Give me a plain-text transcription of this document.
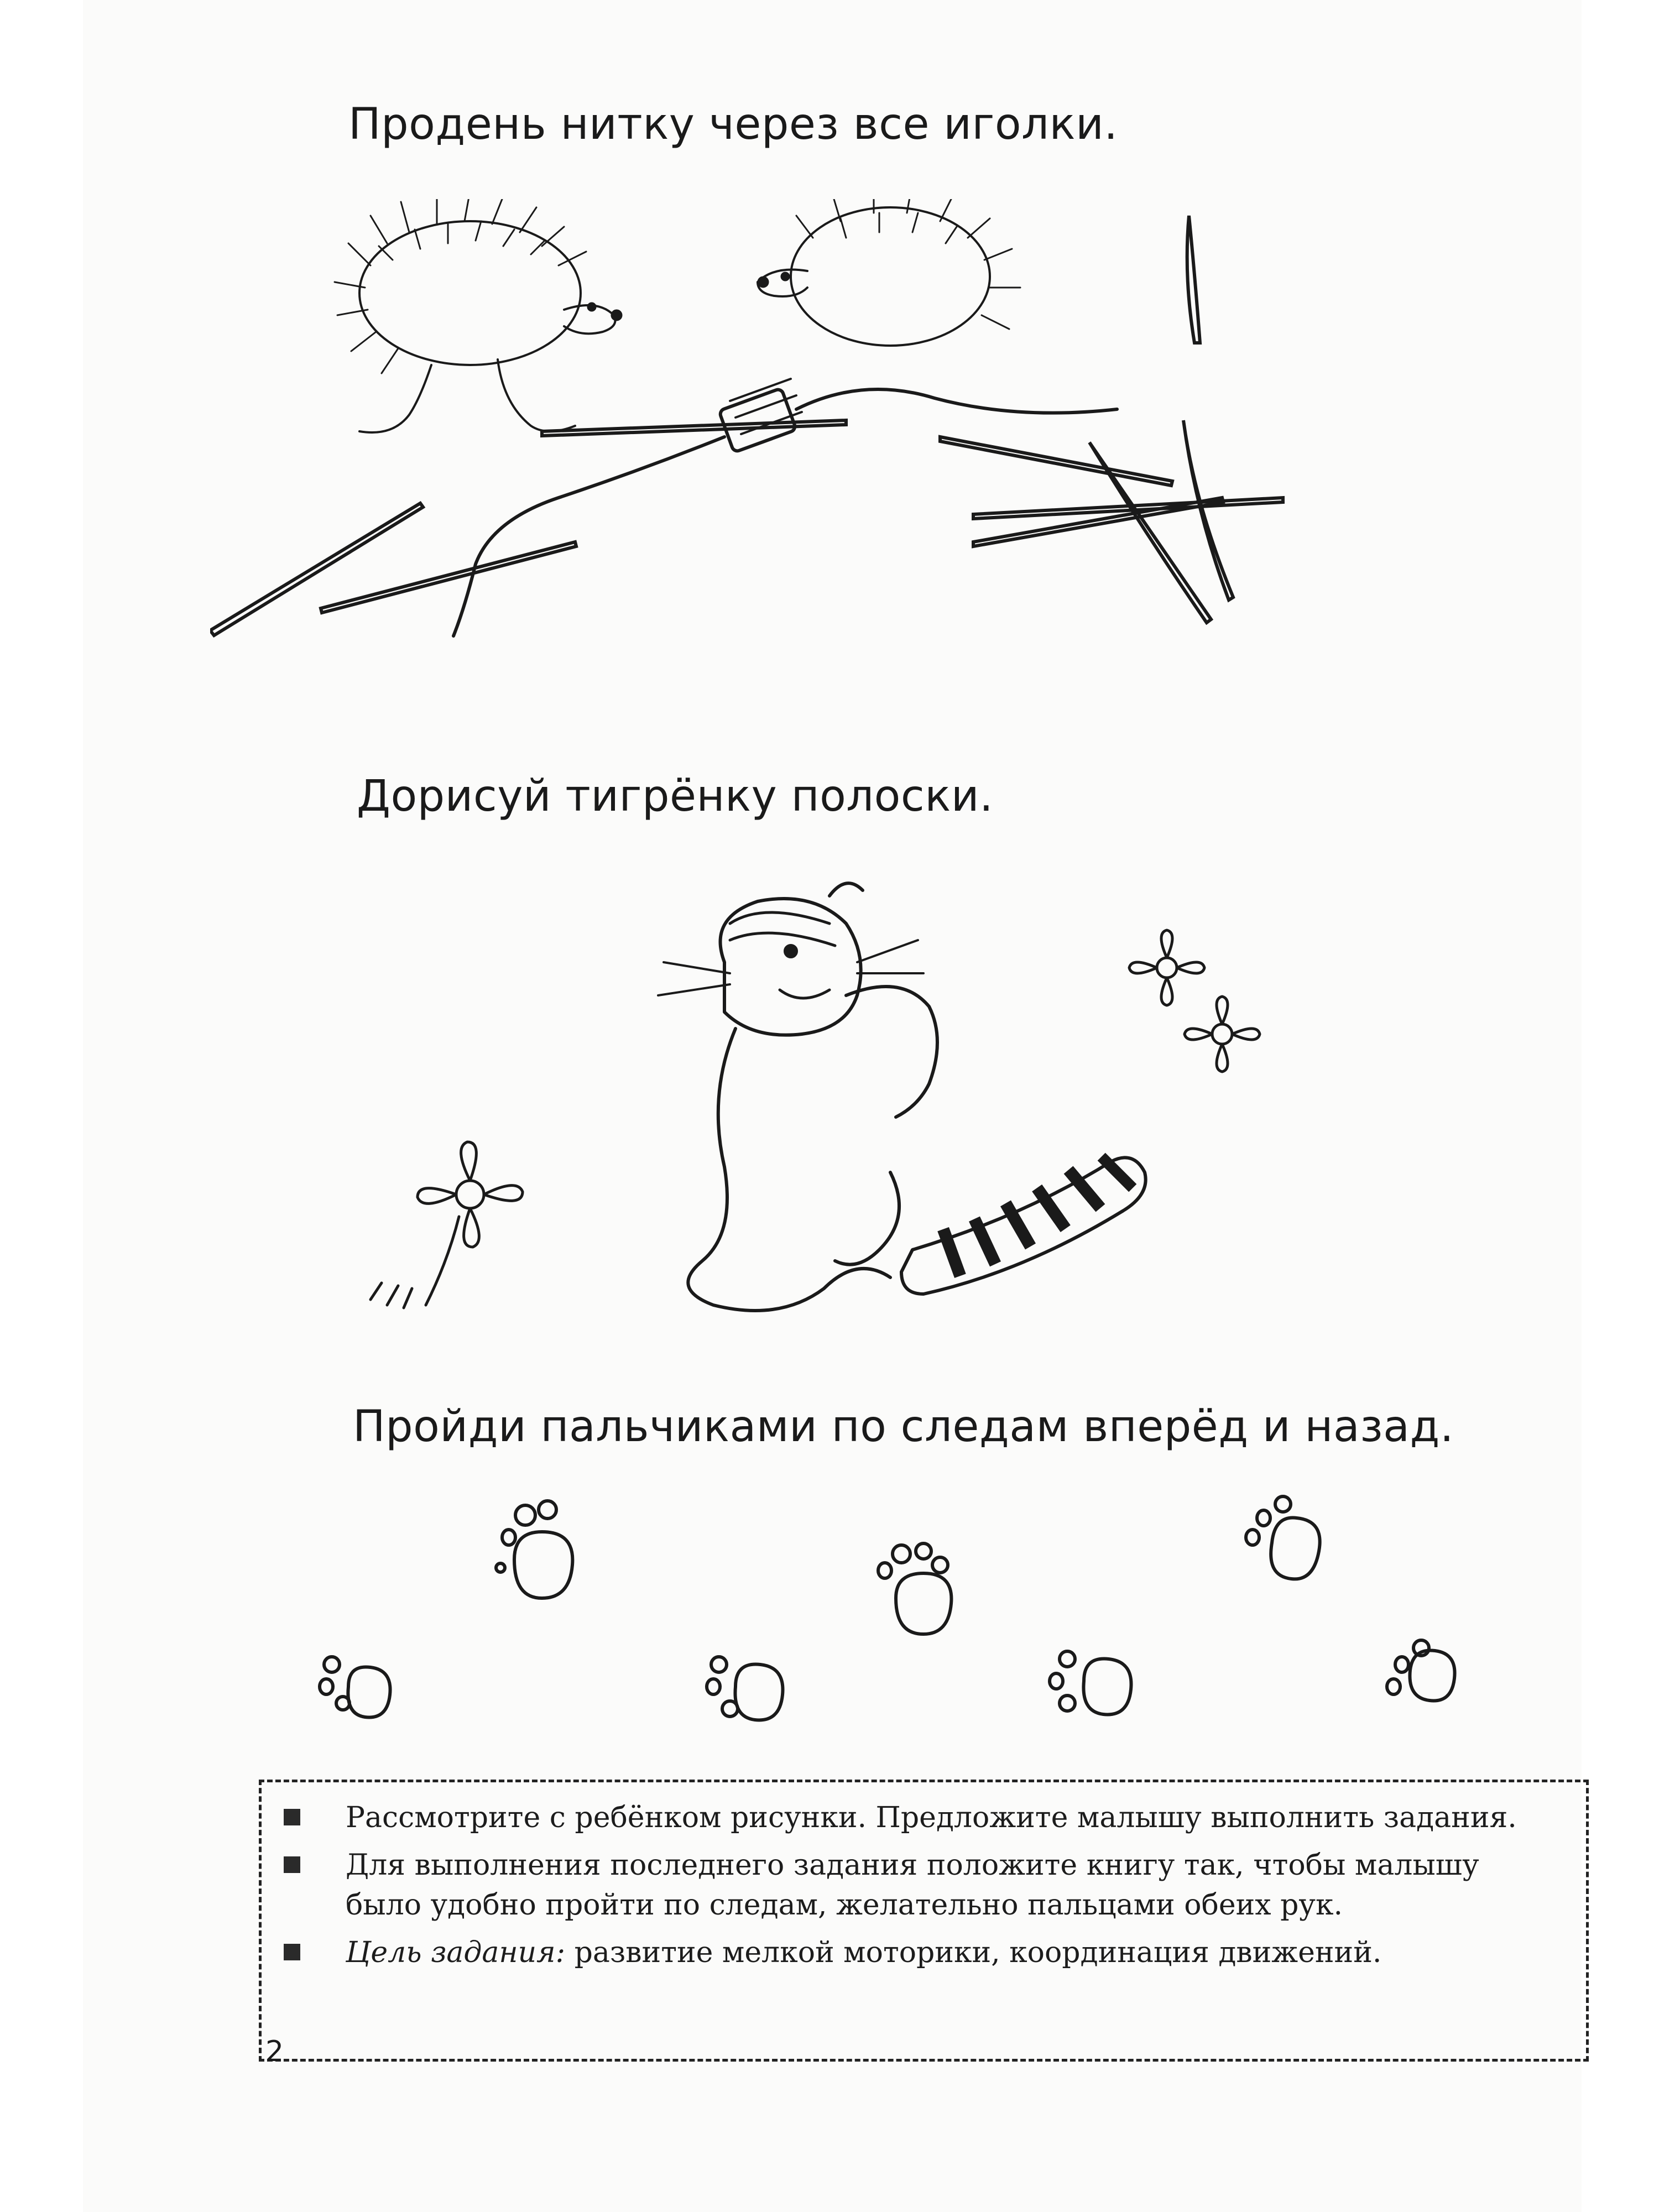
Продень нитку через все иголки.
Дорисуй тигрёнку полоски.
Пройди пальчиками по следам вперёд и назад.
Рассмотрите с ребёнком рисунки. Предложите малышу выполнить задания.
Для выполнения последнего задания положите книгу так, чтобы малышу было удобно пройти по следам, желательно пальцами обеих рук.
Цель задания: развитие мелкой моторики, координация движений.
2
